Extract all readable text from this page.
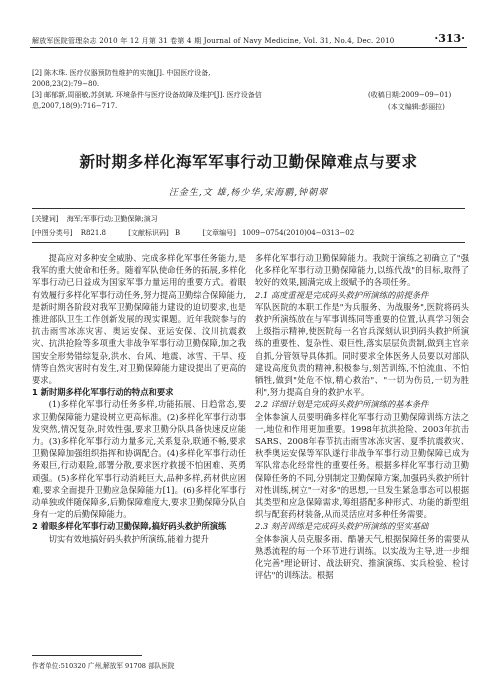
解放军医院管理杂志 2010 年 12 月第 31 卷第 4 期 Journal of Navy Medicine, Vol. 31, No.4, Dec. 2010	·313·
[2] 陈木珠. 医疗仪器预防性维护的实施[J]. 中国医疗设备, 2008,23(2):79−80.
[3] 邮郁新,周丽敏,苏剑斌. 环境条件与医疗设备故障及维护[J]. 医疗设备信息,2007,18(9):716−717.
(收稿日期:2009−09−01)
(本文编辑:彭丽拉)
新时期多样化海军军事行动卫勤保障难点与要求
汪金生,文 雄,杨少华,宋海鹏,钟朝翠
[关键词] 海军;军事行动;卫勤保障;演习
[中图分类号] R821.8	[文献标识码] B	[文章编号] 1009−0754(2010)04−0313−02

提高应对多种安全威胁、完成多样化军事任务能力,是我军的重大使命和任务。随着军队使命任务的拓展,多样化军事行动已日益成为国家军事力量运用的重要方式。着眼有效履行多样化军事行动任务,努力提高卫勤综合保障能力,是新时期各阶段对我军卫勤保障能力建设的迫切要求,也是推进部队卫生工作创新发展的现实课题。近年我院参与的抗击雨雪冰冻灾害、奥运安保、亚运安保、汶川抗震救灾、抗洪抢险等多项重大非战争军事行动卫勤保障,加之我国安全形势错综复杂,洪水、台风、地震、冰雪、干旱、疫情等自然灾害时有发生,对卫勤保障能力建设提出了更高的要求。

1 新时期多样化军事行动的特点和要求

(1)多样化军事行动任务多样,功能拓展、日趋常态,要求卫勤保障能力建设树立更高标准。(2)多样化军事行动事发突然,情况复杂,时效性强,要求卫勤分队具备快速反应能力。(3)多样化军事行动力量多元,关系复杂,联通不畅,要求卫勤保障加强组织指挥和协调配合。(4)多样化军事行动任务艰巨,行动艰险,部署分散,要求医疗救援不怕困难、英勇顽强。(5)多样化军事行动消耗巨大,品种多样,药材供应困难,要求全面提升卫勤应急保障能力[1]。(6)多样化军事行动单独或伴随保障多,后勤保障难度大,要求卫勤保障分队自身有一定的后勤保障能力。

2 着眼多样化军事行动卫勤保障,搞好码头救护所演练

切实有效地搞好码头救护所演练,能着力提升

多样化军事行动卫勤保障能力。我院于演练之初确立了"强化多样化军事行动卫勤保障能力,以练代战"的目标,取得了较好的效果,圆满完成上级赋予的各项任务。

2.1 高度重视是完成码头救护所演练的前提条件

军队医院的本职工作是"为兵服务、为战服务",医院将码头救护所演练放在与军事训练同等重要的位置,认真学习领会上级指示精神,使医院每一名官兵深刻认识到码头救护所演练的重要性、复杂性、艰巨性,落实层层负责制,做到主官亲自抓,分管领导具体抓。同时要求全体医务人员要以对部队建设高度负责的精神,积极参与,刻苦训练,不怕流血、不怕牺牲,做到"处危不惊,精心救治"、"一切为伤员,一切为胜利",努力提高自身的救护水平。

2.2 详细计划是完成码头救护所演练的基本条件

全体参演人员要明确多样化军事行动卫勤保障训练方法之一,地位和作用更加重要。1998年抗洪抢险、2003年抗击SARS、2008年春节抗击雨雪冰冻灾害、夏季抗震救灾、秋季奥运安保等军队遂行非战争军事行动卫勤保障已成为军队常态化经常性的重要任务。根据多样化军事行动卫勤保障任务的不同,分别制定卫勤保障方案,加强码头救护所针对性训练,树立"一对多"的思想,一旦发生紧急事态可以根据其类型和应急保障需求,筹组搭配多种形式、功能的新型组织与配套药材装备,从而灵活应对多种任务需要。

2.3 刻苦训练是完成码头救护所演练的坚实基础

全体参演人员克服多雨、酷暑天气,根据保障任务的需要从熟悉流程的每一个环节进行训练。以实战为主导,进一步细化完善"理论研讨、战法研究、推演演练、实兵检验、检讨评估"的训练法。根据

作者单位:510320 广州,解放军 91708 部队医院
